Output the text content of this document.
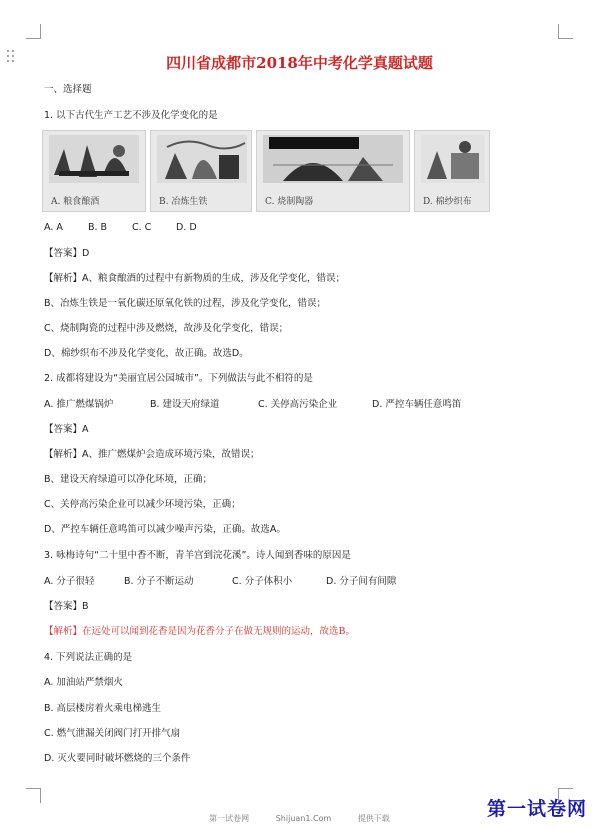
四川省成都市2018年中考化学真题试题
一、选择题
1. 以下古代生产工艺不涉及化学变化的是
A. 粮食酿酒	B. 冶炼生铁	C. 烧制陶器	D. 棉纱织布
A. A	B. B	C. C	D. D
【答案】D
【解析】A、粮食酿酒的过程中有新物质的生成，涉及化学变化，错误；
B、冶炼生铁是一氧化碳还原氧化铁的过程，涉及化学变化，错误；
C、烧制陶瓷的过程中涉及燃烧，故涉及化学变化，错误；
D、棉纱织布不涉及化学变化，故正确。故选D。
2. 成都将建设为“美丽宜居公园城市”。下列做法与此不相符的是
A. 推广燃煤锅炉	B. 建设天府绿道	C. 关停高污染企业	D. 严控车辆任意鸣笛
【答案】A
【解析】A、推广燃煤炉会造成环境污染，故错误；
B、建设天府绿道可以净化环境，正确；
C、关停高污染企业可以减少环境污染，正确；
D、严控车辆任意鸣笛可以减少噪声污染，正确。故选A。
3. 咏梅诗句“二十里中香不断，青羊宫到浣花溪”。诗人闻到香味的原因是
A. 分子很轻	B. 分子不断运动	C. 分子体积小	D. 分子间有间隙
【答案】B
【解析】在远处可以闻到花香是因为花香分子在做无规则的运动，故选B。
4. 下列说法正确的是
A. 加油站严禁烟火
B. 高层楼房着火乘电梯逃生
C. 燃气泄漏关闭阀门打开排气扇
D. 灭火要同时破坏燃烧的三个条件
第一试卷网	Shijuan1.Com	提供下载	第一试卷网
